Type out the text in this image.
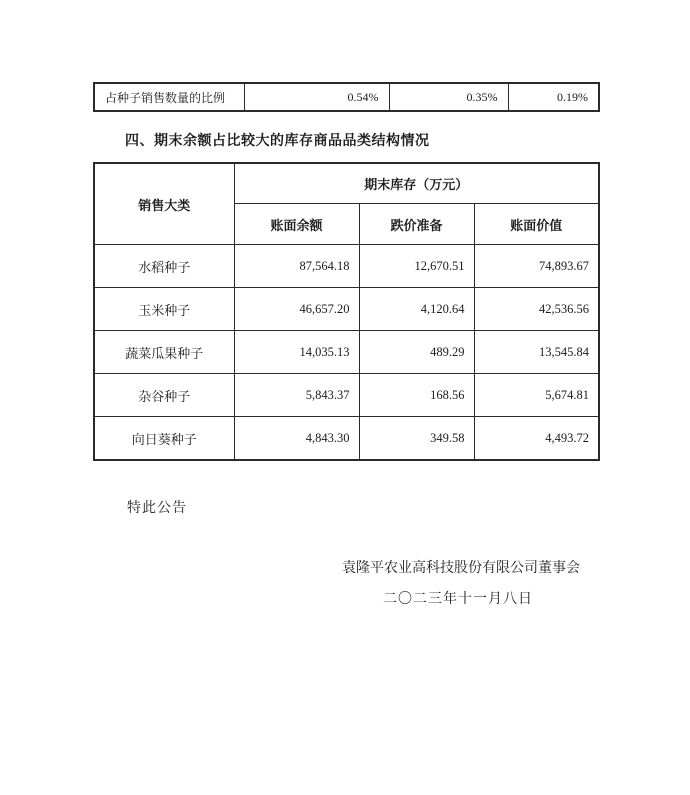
占种子销售数量的比例	0.54%	0.35%	0.19%
四、期末余额占比较大的库存商品品类结构情况
销售大类	期末库存（万元）		
	账面余额	跌价准备	账面价值
水稻种子	87,564.18	12,670.51	74,893.67
玉米种子	46,657.20	4,120.64	42,536.56
蔬菜瓜果种子	14,035.13	489.29	13,545.84
杂谷种子	5,843.37	168.56	5,674.81
向日葵种子	4,843.30	349.58	4,493.72
特此公告
袁隆平农业高科技股份有限公司董事会
二〇二三年十一月八日
